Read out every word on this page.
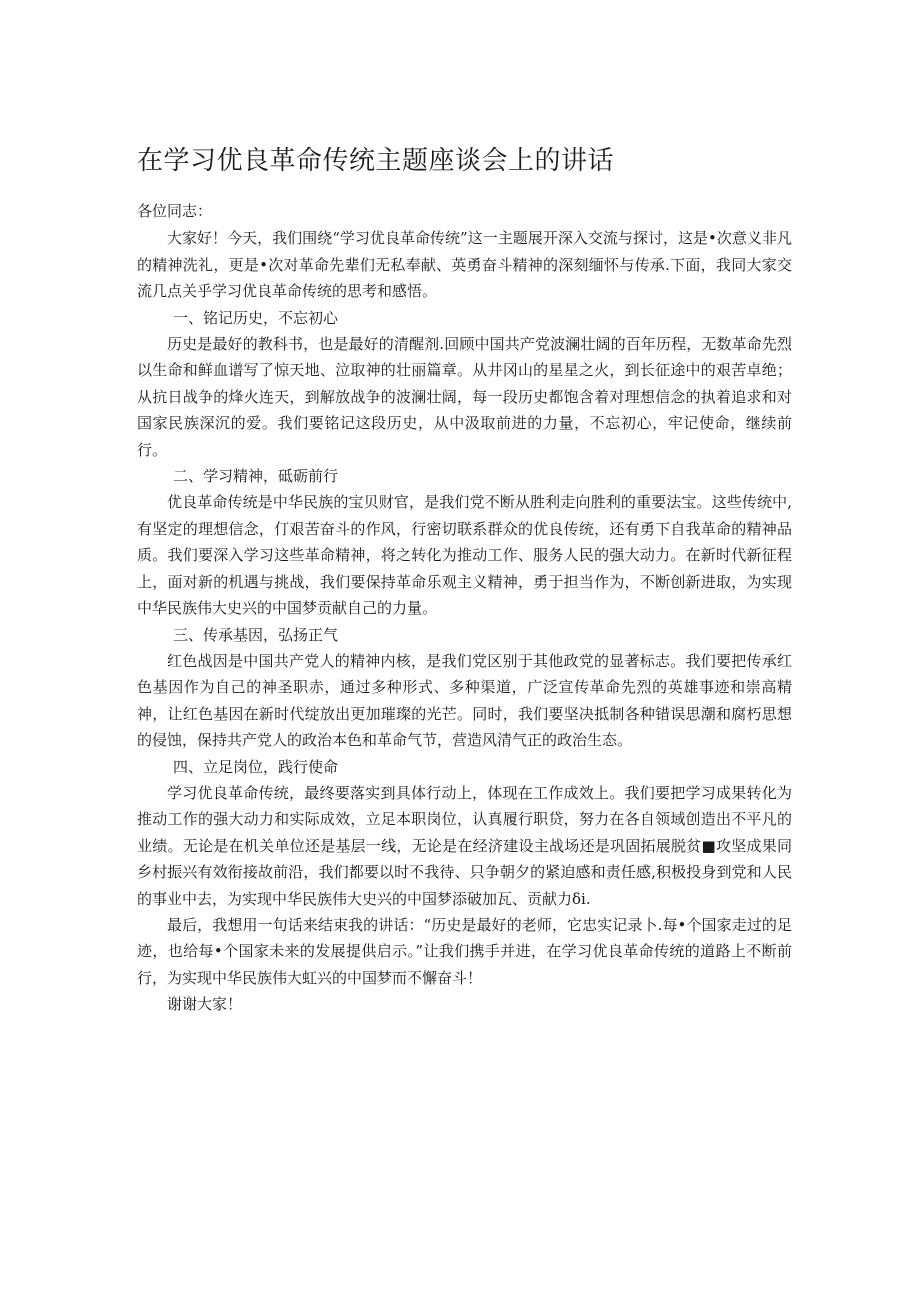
在学习优良革命传统主题座谈会上的讲话

各位同志：

大家好！今天，我们围绕“学习优良革命传统”这一主题展开深入交流与探讨，这是•次意义非凡的精神洗礼，更是•次对革命先辈们无私奉献、英勇奋斗精神的深刻缅怀与传承.下面，我同大家交流几点关乎学习优良革命传统的思考和感悟。

一、铭记历史，不忘初心

历史是最好的教科书，也是最好的清醒剂.回顾中国共产党波澜壮阔的百年历程，无数革命先烈以生命和鲜血谱写了惊天地、泣取神的壮丽篇章。从井冈山的星星之火，到长征途中的艰苦卓绝；从抗日战争的烽火连天，到解放战争的波澜壮阔，每一段历史都饱含着对理想信念的执着追求和对国家民族深沉的爱。我们要铭记这段历史，从中汲取前进的力量，不忘初心，牢记使命，继续前行。

二、学习精神，砥砺前行

优良革命传统是中华民族的宝贝财官，是我们党不断从胜利走向胜利的重要法宝。这些传统中,有坚定的理想信念，仃艰苦奋斗的作风，行密切联系群众的优良传统，还有勇下自我革命的精神品质。我们要深入学习这些革命精神，将之转化为推动工作、服务人民的强大动力。在新时代新征程上，面对新的机遇与挑战，我们要保持革命乐观主义精神，勇于担当作为，不断创新进取，为实现中华民族伟大史兴的中国梦贡献自己的力量。

三、传承基因，弘扬正气

红色战因是中国共产党人的精神内核，是我们党区别于其他政党的显著标志。我们要把传承红色基因作为自己的神圣职赤，通过多种形式、多种渠道，广泛宣传革命先烈的英雄事迹和崇高精神，让红色基因在新时代绽放出更加璀璨的光芒。同时，我们要坚决抵制各种错误思潮和腐朽思想的侵蚀，保持共产党人的政治本色和革命气节，营造风清气正的政治生态。

四、立足岗位，践行使命

学习优良革命传统，最终要落实到具体行动上，体现在工作成效上。我们要把学习成果转化为推动工作的强大动力和实际成效，立足本职岗位，认真履行职贷，努力在各自领域创造出不平凡的业绩。无论是在机关单位还是基层一线，无论是在经济建设主战场还是巩固拓展脱贫■攻坚成果同乡村振兴有效衔接故前沿，我们都要以时不我待、只争朝夕的紧迫感和责任感,积极投身到党和人民的事业中去，为实现中华民族伟大史兴的中国梦添破加瓦、贡献力δi.

最后，我想用一句话来结束我的讲话：“历史是最好的老师，它忠实记录卜.每•个国家走过的足迹，也给每•个国家未来的发展提供启示。”让我们携手并进，在学习优良革命传统的道路上不断前行，为实现中华民族伟大虹兴的中国梦而不懈奋斗！

谢谢大家！
